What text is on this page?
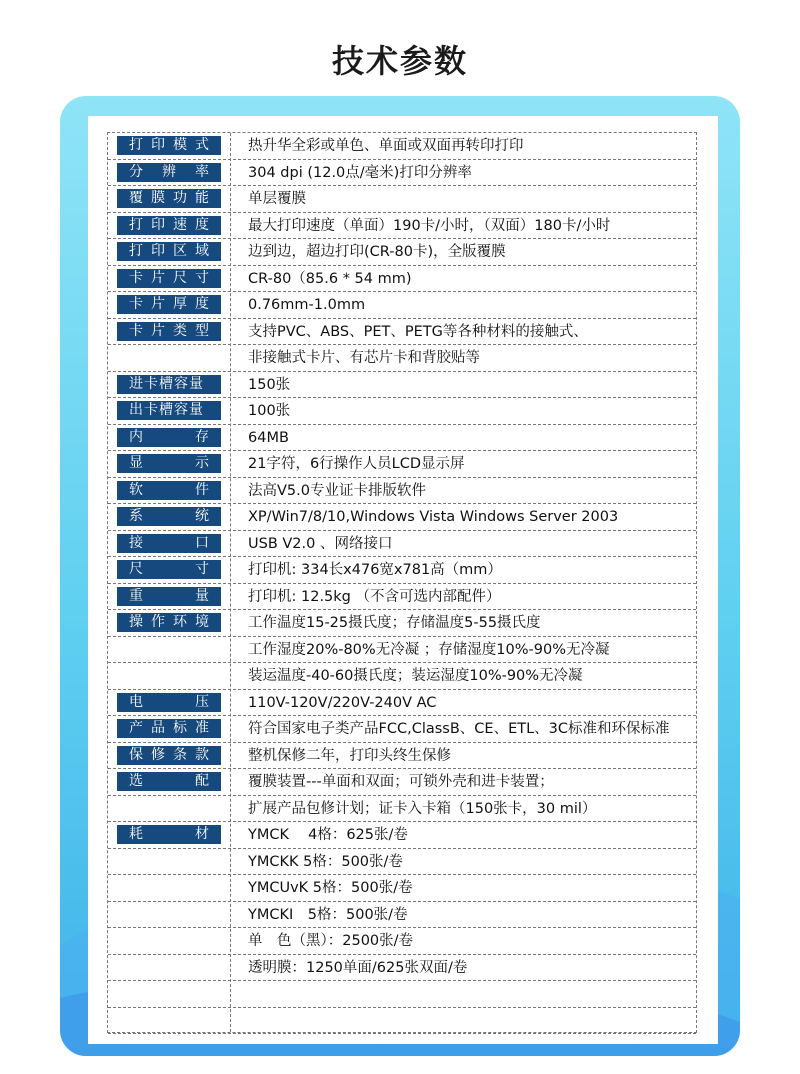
技术参数
打印模式	热升华全彩或单色、单面或双面再转印打印
分 辨 率	304 dpi (12.0点/毫米)打印分辨率
覆膜功能	单层覆膜
打印速度	最大打印速度（单面）190卡/小时，（双面）180卡/小时
打印区域	边到边，超边打印(CR-80卡)，全版覆膜
卡片尺寸	CR-80（85.6 * 54 mm)
卡片厚度	0.76mm-1.0mm
卡片类型	支持PVC、ABS、PET、PETG等各种材料的接触式、
非接触式卡片、有芯片卡和背胶贴等
进卡槽容量	150张
出卡槽容量	100张
内　存	64MB
显　示	21字符，6行操作人员LCD显示屏
软　件	法高V5.0专业证卡排版软件
系　统	XP/Win7/8/10,Windows Vista Windows Server 2003
接　口	USB V2.0 、网络接口
尺　寸	打印机: 334长x476宽x781高（mm）
重　量	打印机: 12.5kg （不含可选内部配件）
操作环境	工作温度15-25摄氏度；存储温度5-55摄氏度
工作湿度20%-80%无冷凝 ；存储湿度10%-90%无冷凝
装运温度-40-60摄氏度；装运湿度10%-90%无冷凝
电　压	110V-120V/220V-240V AC
产品标准	符合国家电子类产品FCC,ClassB、CE、ETL、3C标准和环保标准
保修条款	整机保修二年，打印头终生保修
选　配	覆膜装置---单面和双面；可锁外壳和进卡装置；
扩展产品包修计划；证卡入卡箱（150张卡，30 mil）
耗　材	YMCK　 4格：625张/卷
YMCKK 5格：500张/卷
YMCUvK 5格：500张/卷
YMCKI　5格：500张/卷
单　色（黑）：2500张/卷
透明膜：1250单面/625张双面/卷
